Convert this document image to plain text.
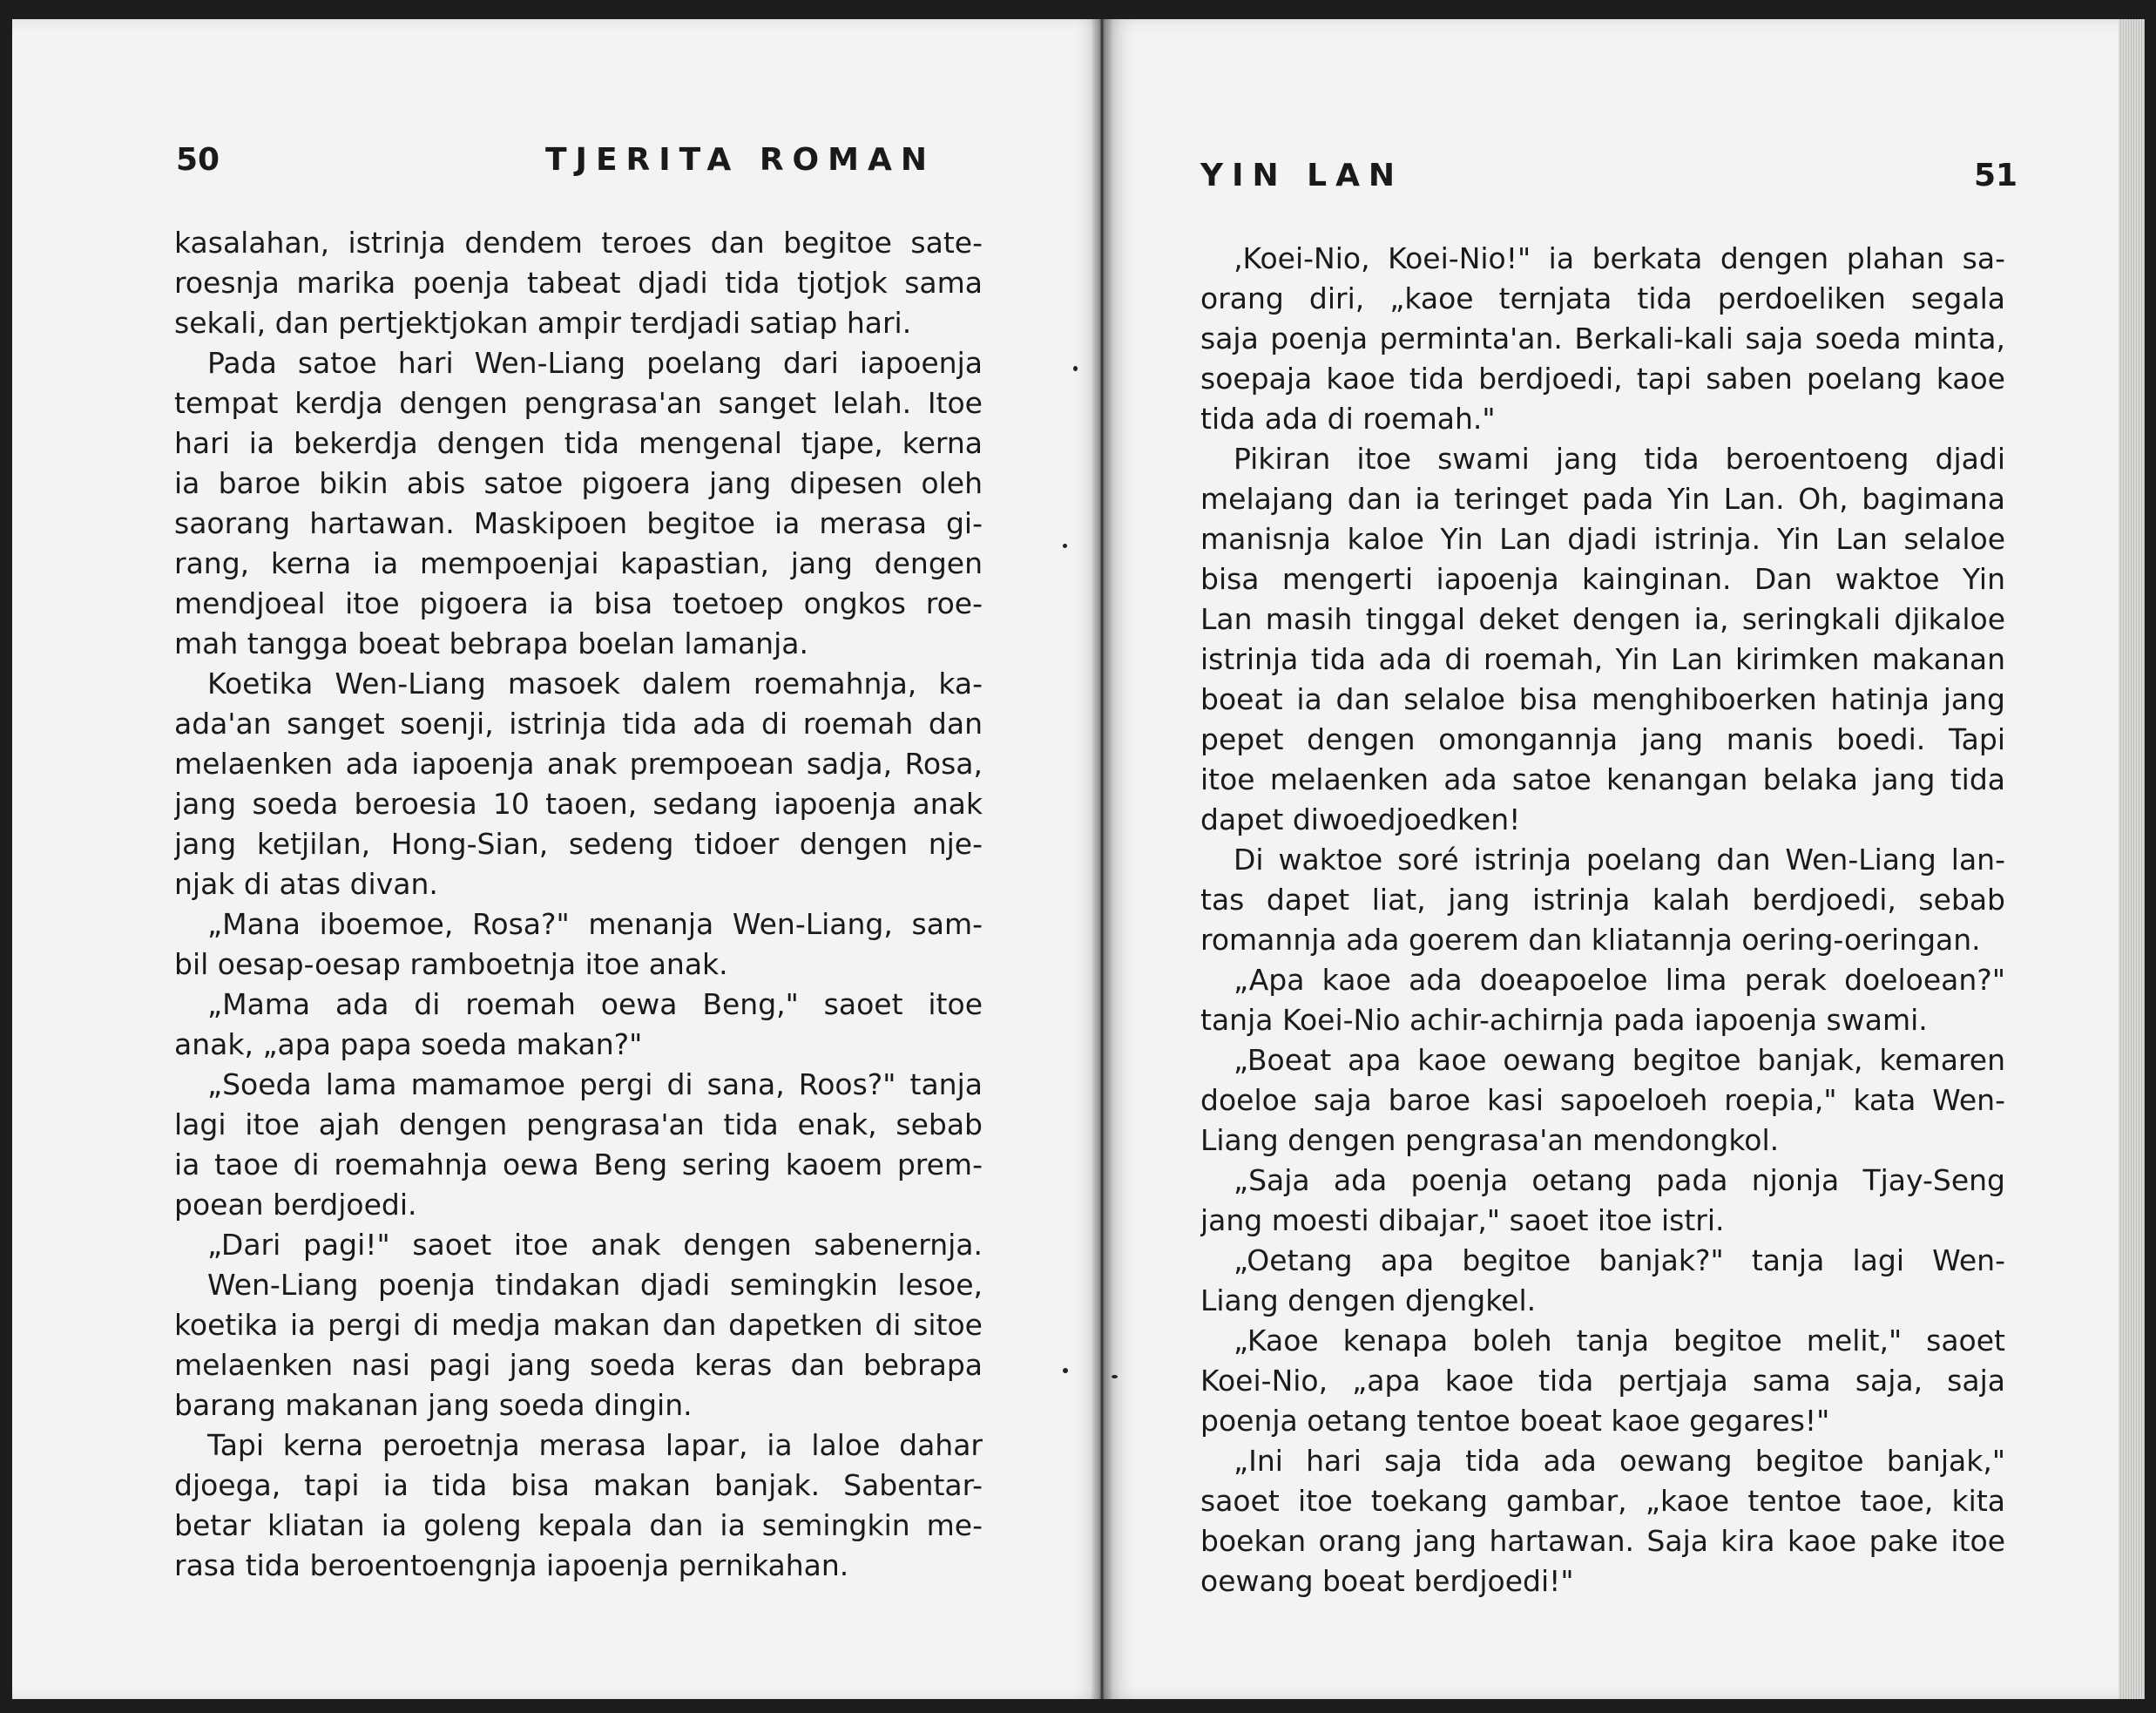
50	TJERITA ROMAN
kasalahan, istrinja dendem teroes dan begitoe sate-
roesnja marika poenja tabeat djadi tida tjotjok sama
sekali, dan pertjektjokan ampir terdjadi satiap hari.
Pada satoe hari Wen-Liang poelang dari iapoenja
tempat kerdja dengen pengrasa'an sanget lelah. Itoe
hari ia bekerdja dengen tida mengenal tjape, kerna
ia baroe bikin abis satoe pigoera jang dipesen oleh
saorang hartawan. Maskipoen begitoe ia merasa gi-
rang, kerna ia mempoenjai kapastian, jang dengen
mendjoeal itoe pigoera ia bisa toetoep ongkos roe-
mah tangga boeat bebrapa boelan lamanja.
Koetika Wen-Liang masoek dalem roemahnja, ka-
ada'an sanget soenji, istrinja tida ada di roemah dan
melaenken ada iapoenja anak prempoean sadja, Rosa,
jang soeda beroesia 10 taoen, sedang iapoenja anak
jang ketjilan, Hong-Sian, sedeng tidoer dengen nje-
njak di atas divan.
„Mana iboemoe, Rosa?" menanja Wen-Liang, sam-
bil oesap-oesap ramboetnja itoe anak.
„Mama ada di roemah oewa Beng," saoet itoe
anak, „apa papa soeda makan?"
„Soeda lama mamamoe pergi di sana, Roos?" tanja
lagi itoe ajah dengen pengrasa'an tida enak, sebab
ia taoe di roemahnja oewa Beng sering kaoem prem-
poean berdjoedi.
„Dari pagi!" saoet itoe anak dengen sabenernja.
Wen-Liang poenja tindakan djadi semingkin lesoe,
koetika ia pergi di medja makan dan dapetken di sitoe
melaenken nasi pagi jang soeda keras dan bebrapa
barang makanan jang soeda dingin.
Tapi kerna peroetnja merasa lapar, ia laloe dahar
djoega, tapi ia tida bisa makan banjak. Sabentar-
betar kliatan ia goleng kepala dan ia semingkin me-
rasa tida beroentoengnja iapoenja pernikahan.
YIN LAN	51
‚Koei-Nio, Koei-Nio!" ia berkata dengen plahan sa-
orang diri, „kaoe ternjata tida perdoeliken segala
saja poenja perminta'an. Berkali-kali saja soeda minta,
soepaja kaoe tida berdjoedi, tapi saben poelang kaoe
tida ada di roemah."
Pikiran itoe swami jang tida beroentoeng djadi
melajang dan ia teringet pada Yin Lan. Oh, bagimana
manisnja kaloe Yin Lan djadi istrinja. Yin Lan selaloe
bisa mengerti iapoenja kainginan. Dan waktoe Yin
Lan masih tinggal deket dengen ia, seringkali djikaloe
istrinja tida ada di roemah, Yin Lan kirimken makanan
boeat ia dan selaloe bisa menghiboerken hatinja jang
pepet dengen omongannja jang manis boedi. Tapi
itoe melaenken ada satoe kenangan belaka jang tida
dapet diwoedjoedken!
Di waktoe soré istrinja poelang dan Wen-Liang lan-
tas dapet liat, jang istrinja kalah berdjoedi, sebab
romannja ada goerem dan kliatannja oering-oeringan.
„Apa kaoe ada doeapoeloe lima perak doeloean?"
tanja Koei-Nio achir-achirnja pada iapoenja swami.
„Boeat apa kaoe oewang begitoe banjak, kemaren
doeloe saja baroe kasi sapoeloeh roepia," kata Wen-
Liang dengen pengrasa'an mendongkol.
„Saja ada poenja oetang pada njonja Tjay-Seng
jang moesti dibajar," saoet itoe istri.
„Oetang apa begitoe banjak?" tanja lagi Wen-
Liang dengen djengkel.
„Kaoe kenapa boleh tanja begitoe melit," saoet
Koei-Nio, „apa kaoe tida pertjaja sama saja, saja
poenja oetang tentoe boeat kaoe gegares!"
„Ini hari saja tida ada oewang begitoe banjak,"
saoet itoe toekang gambar, „kaoe tentoe taoe, kita
boekan orang jang hartawan. Saja kira kaoe pake itoe
oewang boeat berdjoedi!"
